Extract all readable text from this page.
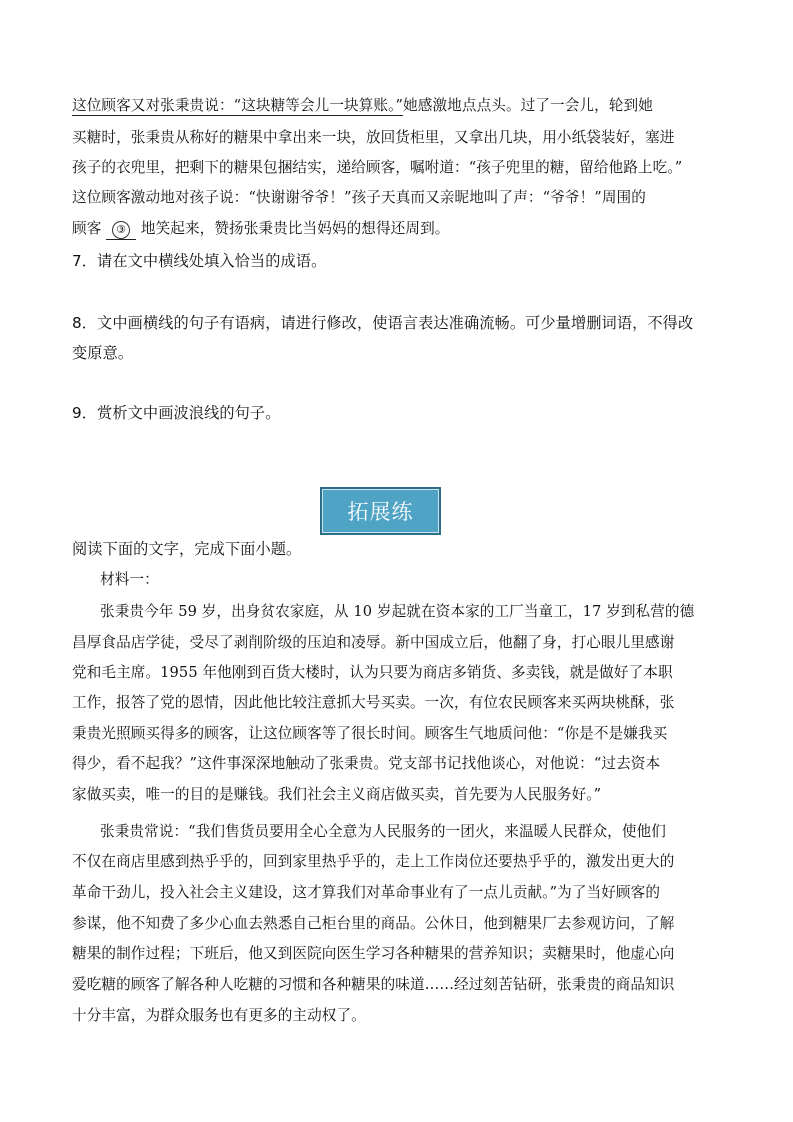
这位顾客又对张秉贵说：“这块糖等会儿一块算账。”她感激地点点头。过了一会儿，轮到她
买糖时，张秉贵从称好的糖果中拿出来一块，放回货柜里，又拿出几块，用小纸袋装好，塞进
孩子的衣兜里，把剩下的糖果包捆结实，递给顾客，嘱咐道：“孩子兜里的糖，留给他路上吃。”
这位顾客激动地对孩子说：“快谢谢爷爷！”孩子天真而又亲昵地叫了声：“爷爷！”周围的
顾客 ③ 地笑起来，赞扬张秉贵比当妈妈的想得还周到。
7．请在文中横线处填入恰当的成语。
8．文中画横线的句子有语病，请进行修改，使语言表达准确流畅。可少量增删词语，不得改
变原意。
9．赏析文中画波浪线的句子。
拓展练
阅读下面的文字，完成下面小题。
材料一：
张秉贵今年 59 岁，出身贫农家庭，从 10 岁起就在资本家的工厂当童工，17 岁到私营的德
昌厚食品店学徒，受尽了剥削阶级的压迫和凌辱。新中国成立后，他翻了身，打心眼儿里感谢
党和毛主席。1955 年他刚到百货大楼时，认为只要为商店多销货、多卖钱，就是做好了本职
工作，报答了党的恩情，因此他比较注意抓大号买卖。一次，有位农民顾客来买两块桃酥，张
秉贵光照顾买得多的顾客，让这位顾客等了很长时间。顾客生气地质问他：“你是不是嫌我买
得少，看不起我？”这件事深深地触动了张秉贵。党支部书记找他谈心，对他说：“过去资本
家做买卖，唯一的目的是赚钱。我们社会主义商店做买卖，首先要为人民服务好。”
张秉贵常说：“我们售货员要用全心全意为人民服务的一团火，来温暖人民群众，使他们
不仅在商店里感到热乎乎的，回到家里热乎乎的，走上工作岗位还要热乎乎的，激发出更大的
革命干劲儿，投入社会主义建设，这才算我们对革命事业有了一点儿贡献。”为了当好顾客的
参谋，他不知费了多少心血去熟悉自己柜台里的商品。公休日，他到糖果厂去参观访问，了解
糖果的制作过程；下班后，他又到医院向医生学习各种糖果的营养知识；卖糖果时，他虚心向
爱吃糖的顾客了解各种人吃糖的习惯和各种糖果的味道……经过刻苦钻研，张秉贵的商品知识
十分丰富，为群众服务也有更多的主动权了。
